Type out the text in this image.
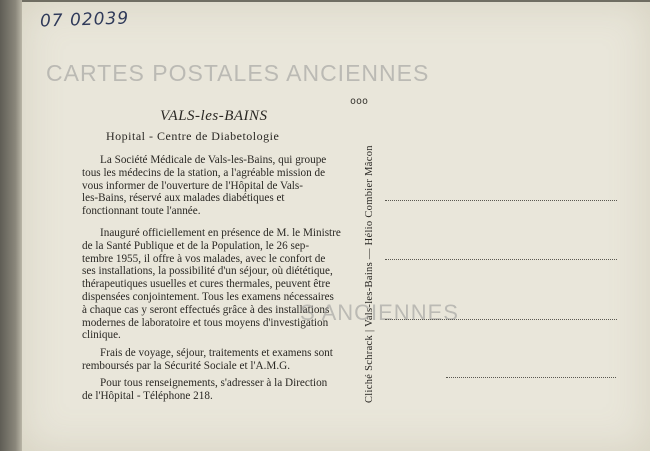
07 02039
CARTES POSTALES ANCIENNES
ooo
VALS-les-BAINS
Hopital - Centre de Diabetologie
La Société Médicale de Vals-les-Bains, qui groupe
tous les médecins de la station, a l'agréable mission de
vous informer de l'ouverture de l'Hôpital de Vals-
les-Bains, réservé aux malades diabétiques et
fonctionnant toute l'année.
Inauguré officiellement en présence de M. le Ministre
de la Santé Publique et de la Population, le 26 sep-
tembre 1955, il offre à vos malades, avec le confort de
ses installations, la possibilité d'un séjour, où diététique,
thérapeutiques usuelles et cures thermales, peuvent être
dispensées conjointement. Tous les examens nécessaires
à chaque cas y seront effectués grâce à des installations
modernes de laboratoire et tous moyens d'investigation
clinique.
Frais de voyage, séjour, traitements et examens sont
remboursés par la Sécurité Sociale et l'A.M.G.
Pour tous renseignements, s'adresser à la Direction
de l'Hôpital - Téléphone 218.	Cliché Schrack | Vals-les-Bains — Hélio Combier Mâcon
S ANCIENNES
